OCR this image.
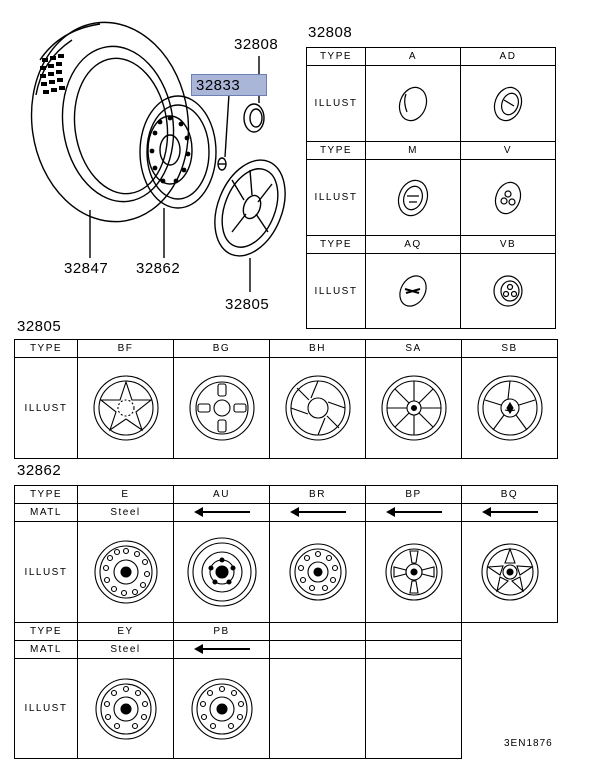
32808
32833
32847 32862
32805
32808
TYPE	A	AD
ILLUST	

TYPE	M	V
ILLUST	

TYPE	AQ	VB
ILLUST	

32805
TYPE	BF	BG	BH	SA	SB
ILLUST	

32862
TYPE	E	AU	BR	BP	BQ
MATL	Steel				
ILLUST	

TYPE	EY	PB			
MATL	Steel				
ILLUST	

3EN1876
